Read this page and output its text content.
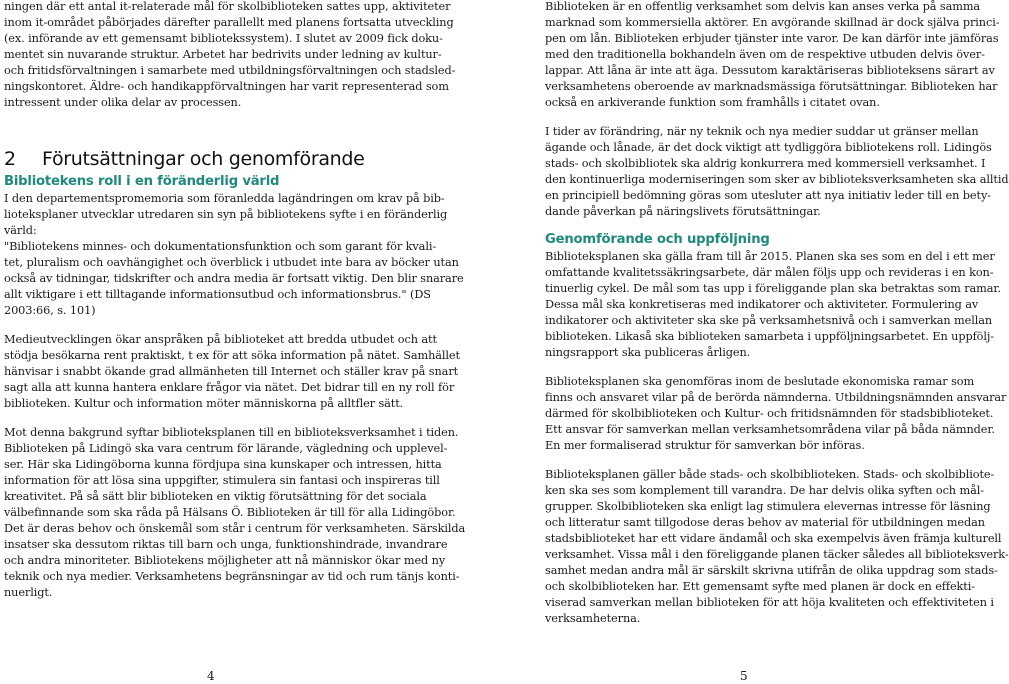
ningen där ett antal it-relaterade mål för skolbiblioteken sattes upp, aktiviteter
inom it-området påbörjades därefter parallellt med planens fortsatta utveckling
(ex. införande av ett gemensamt bibliotekssystem). I slutet av 2009 fick doku-
mentet sin nuvarande struktur. Arbetet har bedrivits under ledning av kultur-
och fritidsförvaltningen i samarbete med utbildningsförvaltningen och stadsled-
ningskontoret. Äldre- och handikappförvaltningen har varit representerad som
intressent under olika delar av processen.
2	Förutsättningar och genomförande
Bibliotekens roll i en föränderlig värld
I den departementspromemoria som föranledda lagändringen om krav på bib-
lioteksplaner utvecklar utredaren sin syn på bibliotekens syfte i en föränderlig
värld:
"Bibliotekens minnes- och dokumentationsfunktion och som garant för kvali-
tet, pluralism och oavhängighet och överblick i utbudet inte bara av böcker utan
också av tidningar, tidskrifter och andra media är fortsatt viktig. Den blir snarare
allt viktigare i ett tilltagande informationsutbud och informationsbrus." (DS
2003:66, s. 101)
Medieutvecklingen ökar anspråken på biblioteket att bredda utbudet och att
stödja besökarna rent praktiskt, t ex för att söka information på nätet. Samhället
hänvisar i snabbt ökande grad allmänheten till Internet och ställer krav på snart
sagt alla att kunna hantera enklare frågor via nätet. Det bidrar till en ny roll för
biblioteken. Kultur och information möter människorna på alltfler sätt.
Mot denna bakgrund syftar biblioteksplanen till en biblioteksverksamhet i tiden.
Biblioteken på Lidingö ska vara centrum för lärande, vägledning och upplevel-
ser. Här ska Lidingöborna kunna fördjupa sina kunskaper och intressen, hitta
information för att lösa sina uppgifter, stimulera sin fantasi och inspireras till
kreativitet. På så sätt blir biblioteken en viktig förutsättning för det sociala
välbefinnande som ska råda på Hälsans Ö. Biblioteken är till för alla Lidingöbor.
Det är deras behov och önskemål som står i centrum för verksamheten. Särskilda
insatser ska dessutom riktas till barn och unga, funktionshindrade, invandrare
och andra minoriteter. Bibliotekens möjligheter att nå människor ökar med ny
teknik och nya medier. Verksamhetens begränsningar av tid och rum tänjs konti-
nuerligt.
4
Biblioteken är en offentlig verksamhet som delvis kan anses verka på samma
marknad som kommersiella aktörer. En avgörande skillnad är dock själva princi-
pen om lån. Biblioteken erbjuder tjänster inte varor. De kan därför inte jämföras
med den traditionella bokhandeln även om de respektive utbuden delvis över-
lappar. Att låna är inte att äga. Dessutom karaktäriseras biblioteksens särart av
verksamhetens oberoende av marknadsmässiga förutsättningar. Biblioteken har
också en arkiverande funktion som framhålls i citatet ovan.
I tider av förändring, när ny teknik och nya medier suddar ut gränser mellan
ägande och lånade, är det dock viktigt att tydliggöra bibliotekens roll. Lidingös
stads- och skolbibliotek ska aldrig konkurrera med kommersiell verksamhet. I
den kontinuerliga moderniseringen som sker av biblioteksverksamheten ska alltid
en principiell bedömning göras som utesluter att nya initiativ leder till en bety-
dande påverkan på näringslivets förutsättningar.
Genomförande och uppföljning
Biblioteksplanen ska gälla fram till år 2015. Planen ska ses som en del i ett mer
omfattande kvalitetssäkringsarbete, där målen följs upp och revideras i en kon-
tinuerlig cykel. De mål som tas upp i föreliggande plan ska betraktas som ramar.
Dessa mål ska konkretiseras med indikatorer och aktiviteter. Formulering av
indikatorer och aktiviteter ska ske på verksamhetsnivå och i samverkan mellan
biblioteken. Likaså ska biblioteken samarbeta i uppföljningsarbetet. En uppfölj-
ningsrapport ska publiceras årligen.
Biblioteksplanen ska genomföras inom de beslutade ekonomiska ramar som
finns och ansvaret vilar på de berörda nämnderna. Utbildningsnämnden ansvarar
därmed för skolbiblioteken och Kultur- och fritidsnämnden för stadsbiblioteket.
Ett ansvar för samverkan mellan verksamhetsområdena vilar på båda nämnder.
En mer formaliserad struktur för samverkan bör införas.
Biblioteksplanen gäller både stads- och skolbiblioteken. Stads- och skolbibliote-
ken ska ses som komplement till varandra. De har delvis olika syften och mål-
grupper. Skolbiblioteken ska enligt lag stimulera elevernas intresse för läsning
och litteratur samt tillgodose deras behov av material för utbildningen medan
stadsbiblioteket har ett vidare ändamål och ska exempelvis även främja kulturell
verksamhet. Vissa mål i den föreliggande planen täcker således all biblioteksverk-
samhet medan andra mål är särskilt skrivna utifrån de olika uppdrag som stads-
och skolbiblioteken har. Ett gemensamt syfte med planen är dock en effekti-
viserad samverkan mellan biblioteken för att höja kvaliteten och effektiviteten i
verksamheterna.
5
